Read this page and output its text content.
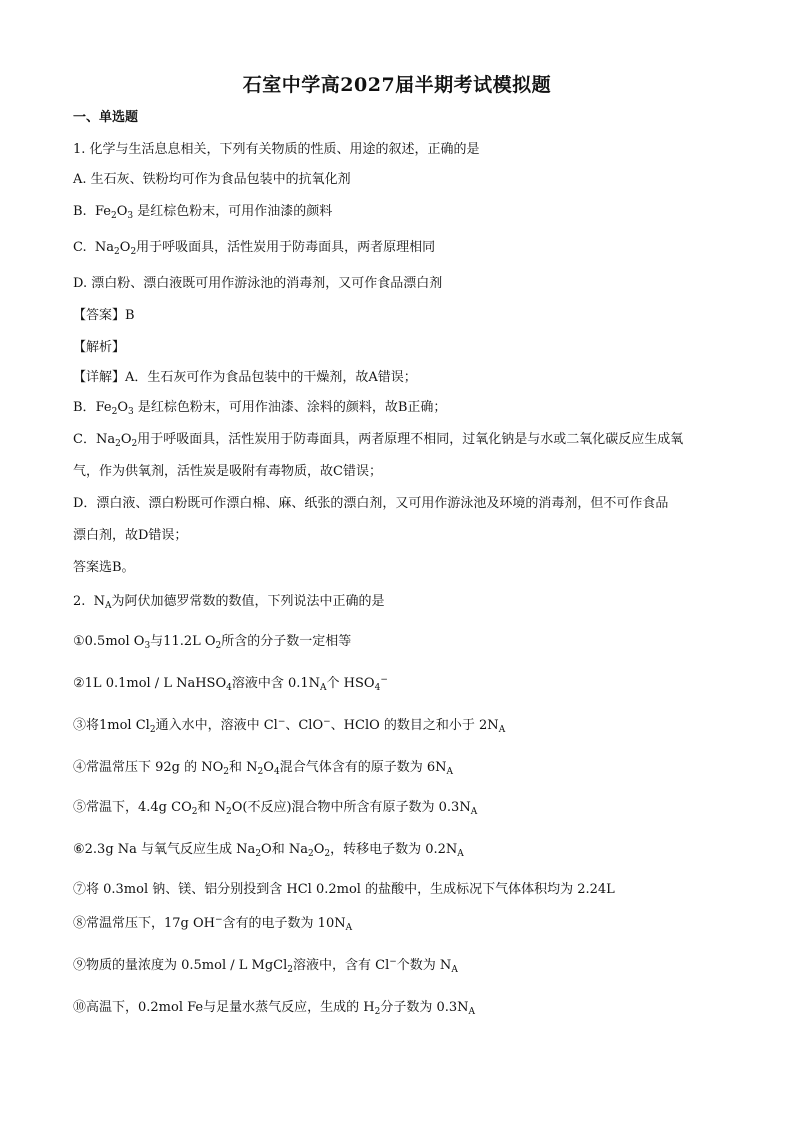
石室中学高2027届半期考试模拟题
一、单选题
1. 化学与生活息息相关，下列有关物质的性质、用途的叙述，正确的是
A. 生石灰、铁粉均可作为食品包装中的抗氧化剂
B. $Fe_2O_3$ 是红棕色粉末，可用作油漆的颜料
C. $Na_2O_2$用于呼吸面具，活性炭用于防毒面具，两者原理相同
D. 漂白粉、漂白液既可用作游泳池的消毒剂，又可作食品漂白剂
【答案】B
【解析】
【详解】A．生石灰可作为食品包装中的干燥剂，故A错误；
B．$Fe_2O_3$ 是红棕色粉末，可用作油漆、涂料的颜料，故B正确；
C．$Na_2O_2$用于呼吸面具，活性炭用于防毒面具，两者原理不相同，过氧化钠是与水或二氧化碳反应生成氧
气，作为供氧剂，活性炭是吸附有毒物质，故C错误；
D．漂白液、漂白粉既可作漂白棉、麻、纸张的漂白剂，又可用作游泳池及环境的消毒剂，但不可作食品
漂白剂，故D错误；
答案选B。
2. $N_A$为阿伏加德罗常数的数值，下列说法中正确的是
①0.5mol $O_3$与11.2L $O_2$所含的分子数一定相等
②1L 0.1mol / L NaHSO$_4$溶液中含 $0.1N_A$个 $HSO_4^-$
③将1mol $Cl_2$通入水中，溶液中 Cl−、ClO−、HClO 的数目之和小于 $2N_A$
④常温常压下 92g 的 $NO_2$和 $N_2O_4$混合气体含有的原子数为 $6N_A$
⑤常温下，4.4g $CO_2$和 $N_2O$(不反应)混合物中所含有原子数为 $0.3N_A$
⑥2.3g Na 与氧气反应生成 $Na_2O$和 $Na_2O_2$，转移电子数为 $0.2N_A$
⑦将 0.3mol 钠、镁、铝分别投到含 HCl 0.2mol 的盐酸中，生成标况下气体体积均为 2.24L
⑧常温常压下，17g OH−含有的电子数为 $10N_A$
⑨物质的量浓度为 0.5mol / L MgCl$_2$溶液中，含有 Cl−个数为 $N_A$
⑩高温下，0.2mol Fe与足量水蒸气反应，生成的 $H_2$分子数为 $0.3N_A$
